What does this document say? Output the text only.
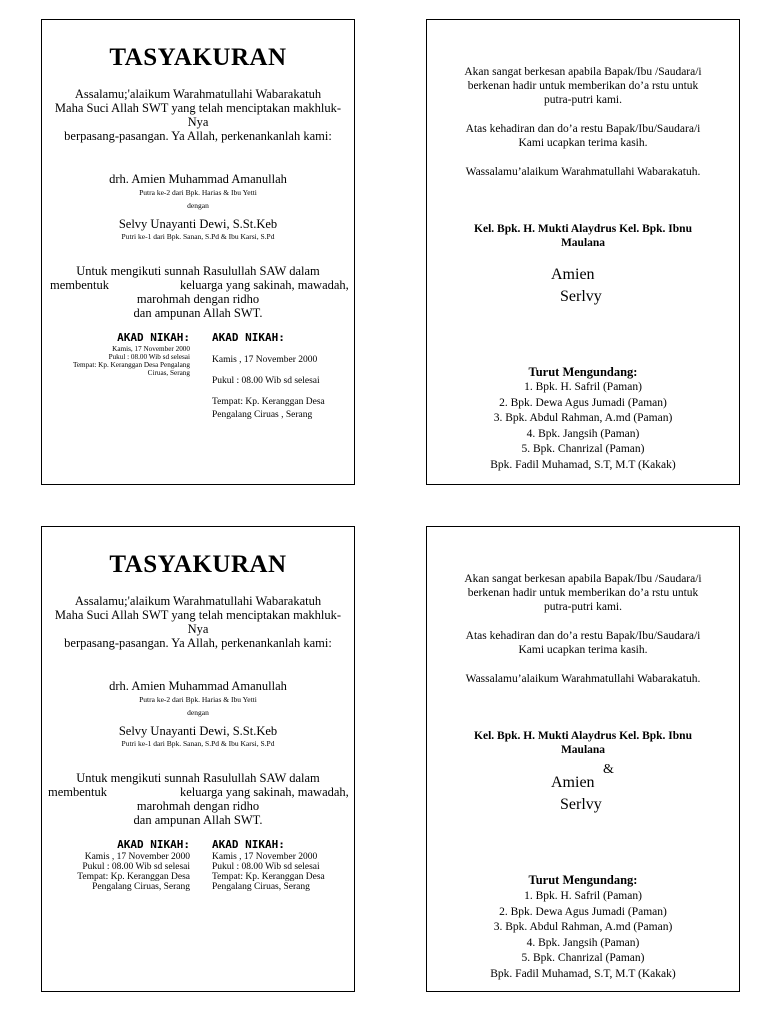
TASYAKURAN
Assalamu;'alaikum Warahmatullahi Wabarakatuh
Maha Suci Allah SWT yang telah menciptakan makhluk-
Nya
berpasang-pasangan. Ya Allah, perkenankanlah kami:
drh. Amien Muhammad Amanullah
Putra ke-2 dari Bpk. Harias & Ibu Yetti
dengan
Selvy Unayanti Dewi, S.St.Keb
Putri ke-1 dari Bpk. Sanan, S.Pd & Ibu Karsi, S.Pd
Untuk mengikuti sunnah Rasulullah SAW dalam
membentuk	keluarga yang sakinah, mawadah,
marohmah dengan ridho
dan ampunan Allah SWT.
AKAD NIKAH:
Kamis, 17 November 2000
Pukul : 08.00 Wib sd selesai
Tempat: Kp. Keranggan Desa Pengalang
Ciruas, Serang
AKAD NIKAH:
Kamis , 17 November 2000
Pukul : 08.00 Wib sd selesai
Tempat: Kp. Keranggan Desa
Pengalang Ciruas , Serang
Akan sangat berkesan apabila Bapak/Ibu /Saudara/i
berkenan hadir untuk memberikan do’a rstu untuk
putra-putri kami.
Atas kehadiran dan do’a restu Bapak/Ibu/Saudara/i
Kami ucapkan terima kasih.
Wassalamu’alaikum Warahmatullahi Wabarakatuh.
Kel. Bpk. H. Mukti Alaydrus Kel. Bpk. Ibnu
Maulana
Amien
Serlvy
Turut Mengundang:
1. Bpk. H. Safril (Paman)
2. Bpk. Dewa Agus Jumadi (Paman)
3. Bpk. Abdul Rahman, A.md (Paman)
4. Bpk. Jangsih (Paman)
5. Bpk. Chanrizal (Paman)
Bpk. Fadil Muhamad, S.T, M.T (Kakak)
TASYAKURAN
Assalamu;'alaikum Warahmatullahi Wabarakatuh
Maha Suci Allah SWT yang telah menciptakan makhluk-
Nya
berpasang-pasangan. Ya Allah, perkenankanlah kami:
drh. Amien Muhammad Amanullah
Putra ke-2 dari Bpk. Harias & Ibu Yetti
dengan
Selvy Unayanti Dewi, S.St.Keb
Putri ke-1 dari Bpk. Sanan, S.Pd & Ibu Karsi, S.Pd
Untuk mengikuti sunnah Rasulullah SAW dalam
membentuk	keluarga yang sakinah, mawadah,
marohmah dengan ridho
dan ampunan Allah SWT.
AKAD NIKAH:
Kamis , 17 November 2000
Pukul : 08.00 Wib sd selesai
Tempat: Kp. Keranggan Desa
Pengalang Ciruas, Serang
AKAD NIKAH:
Kamis , 17 November 2000
Pukul : 08.00 Wib sd selesai
Tempat: Kp. Keranggan Desa
Pengalang Ciruas, Serang
Akan sangat berkesan apabila Bapak/Ibu /Saudara/i
berkenan hadir untuk memberikan do’a rstu untuk
putra-putri kami.
Atas kehadiran dan do’a restu Bapak/Ibu/Saudara/i
Kami ucapkan terima kasih.
Wassalamu’alaikum Warahmatullahi Wabarakatuh.
Kel. Bpk. H. Mukti Alaydrus Kel. Bpk. Ibnu
Maulana
&
Amien
Serlvy
Turut Mengundang:
1. Bpk. H. Safril (Paman)
2. Bpk. Dewa Agus Jumadi (Paman)
3. Bpk. Abdul Rahman, A.md (Paman)
4. Bpk. Jangsih (Paman)
5. Bpk. Chanrizal (Paman)
Bpk. Fadil Muhamad, S.T, M.T (Kakak)
